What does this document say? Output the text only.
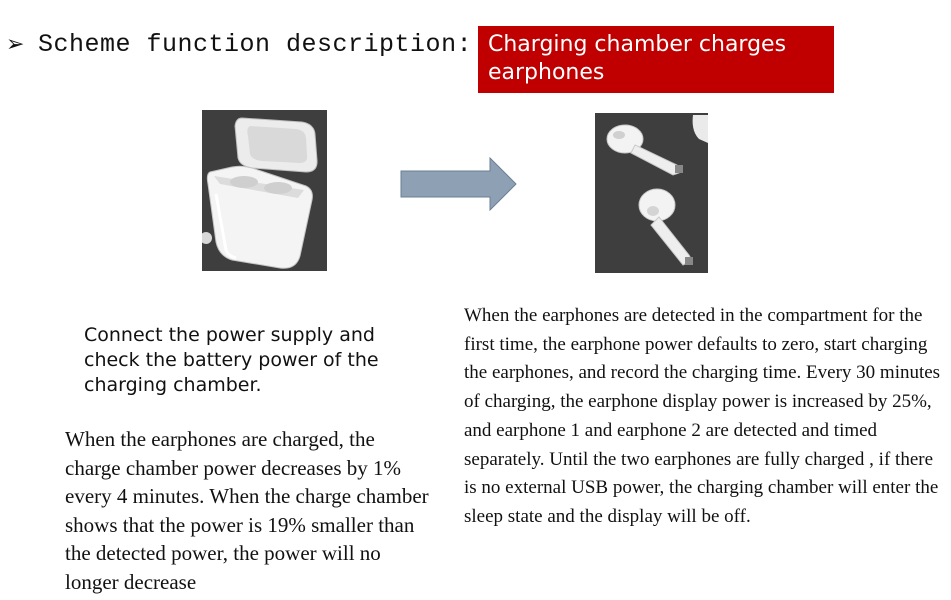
➢ Scheme function description: Charging chamber charges earphones
Connect the power supply and check the battery power of the charging chamber.
When the earphones are charged, the charge chamber power decreases by 1% every 4 minutes. When the charge chamber shows that the power is 19% smaller than the detected power, the power will no longer decrease
When the earphones are detected in the compartment for the first time, the earphone power defaults to zero, start charging the earphones, and record the charging time. Every 30 minutes of charging, the earphone display power is increased by 25%, and earphone 1 and earphone 2 are detected and timed separately. Until the two earphones are fully charged , if there is no external USB power, the charging chamber will enter the sleep state and the display will be off.
